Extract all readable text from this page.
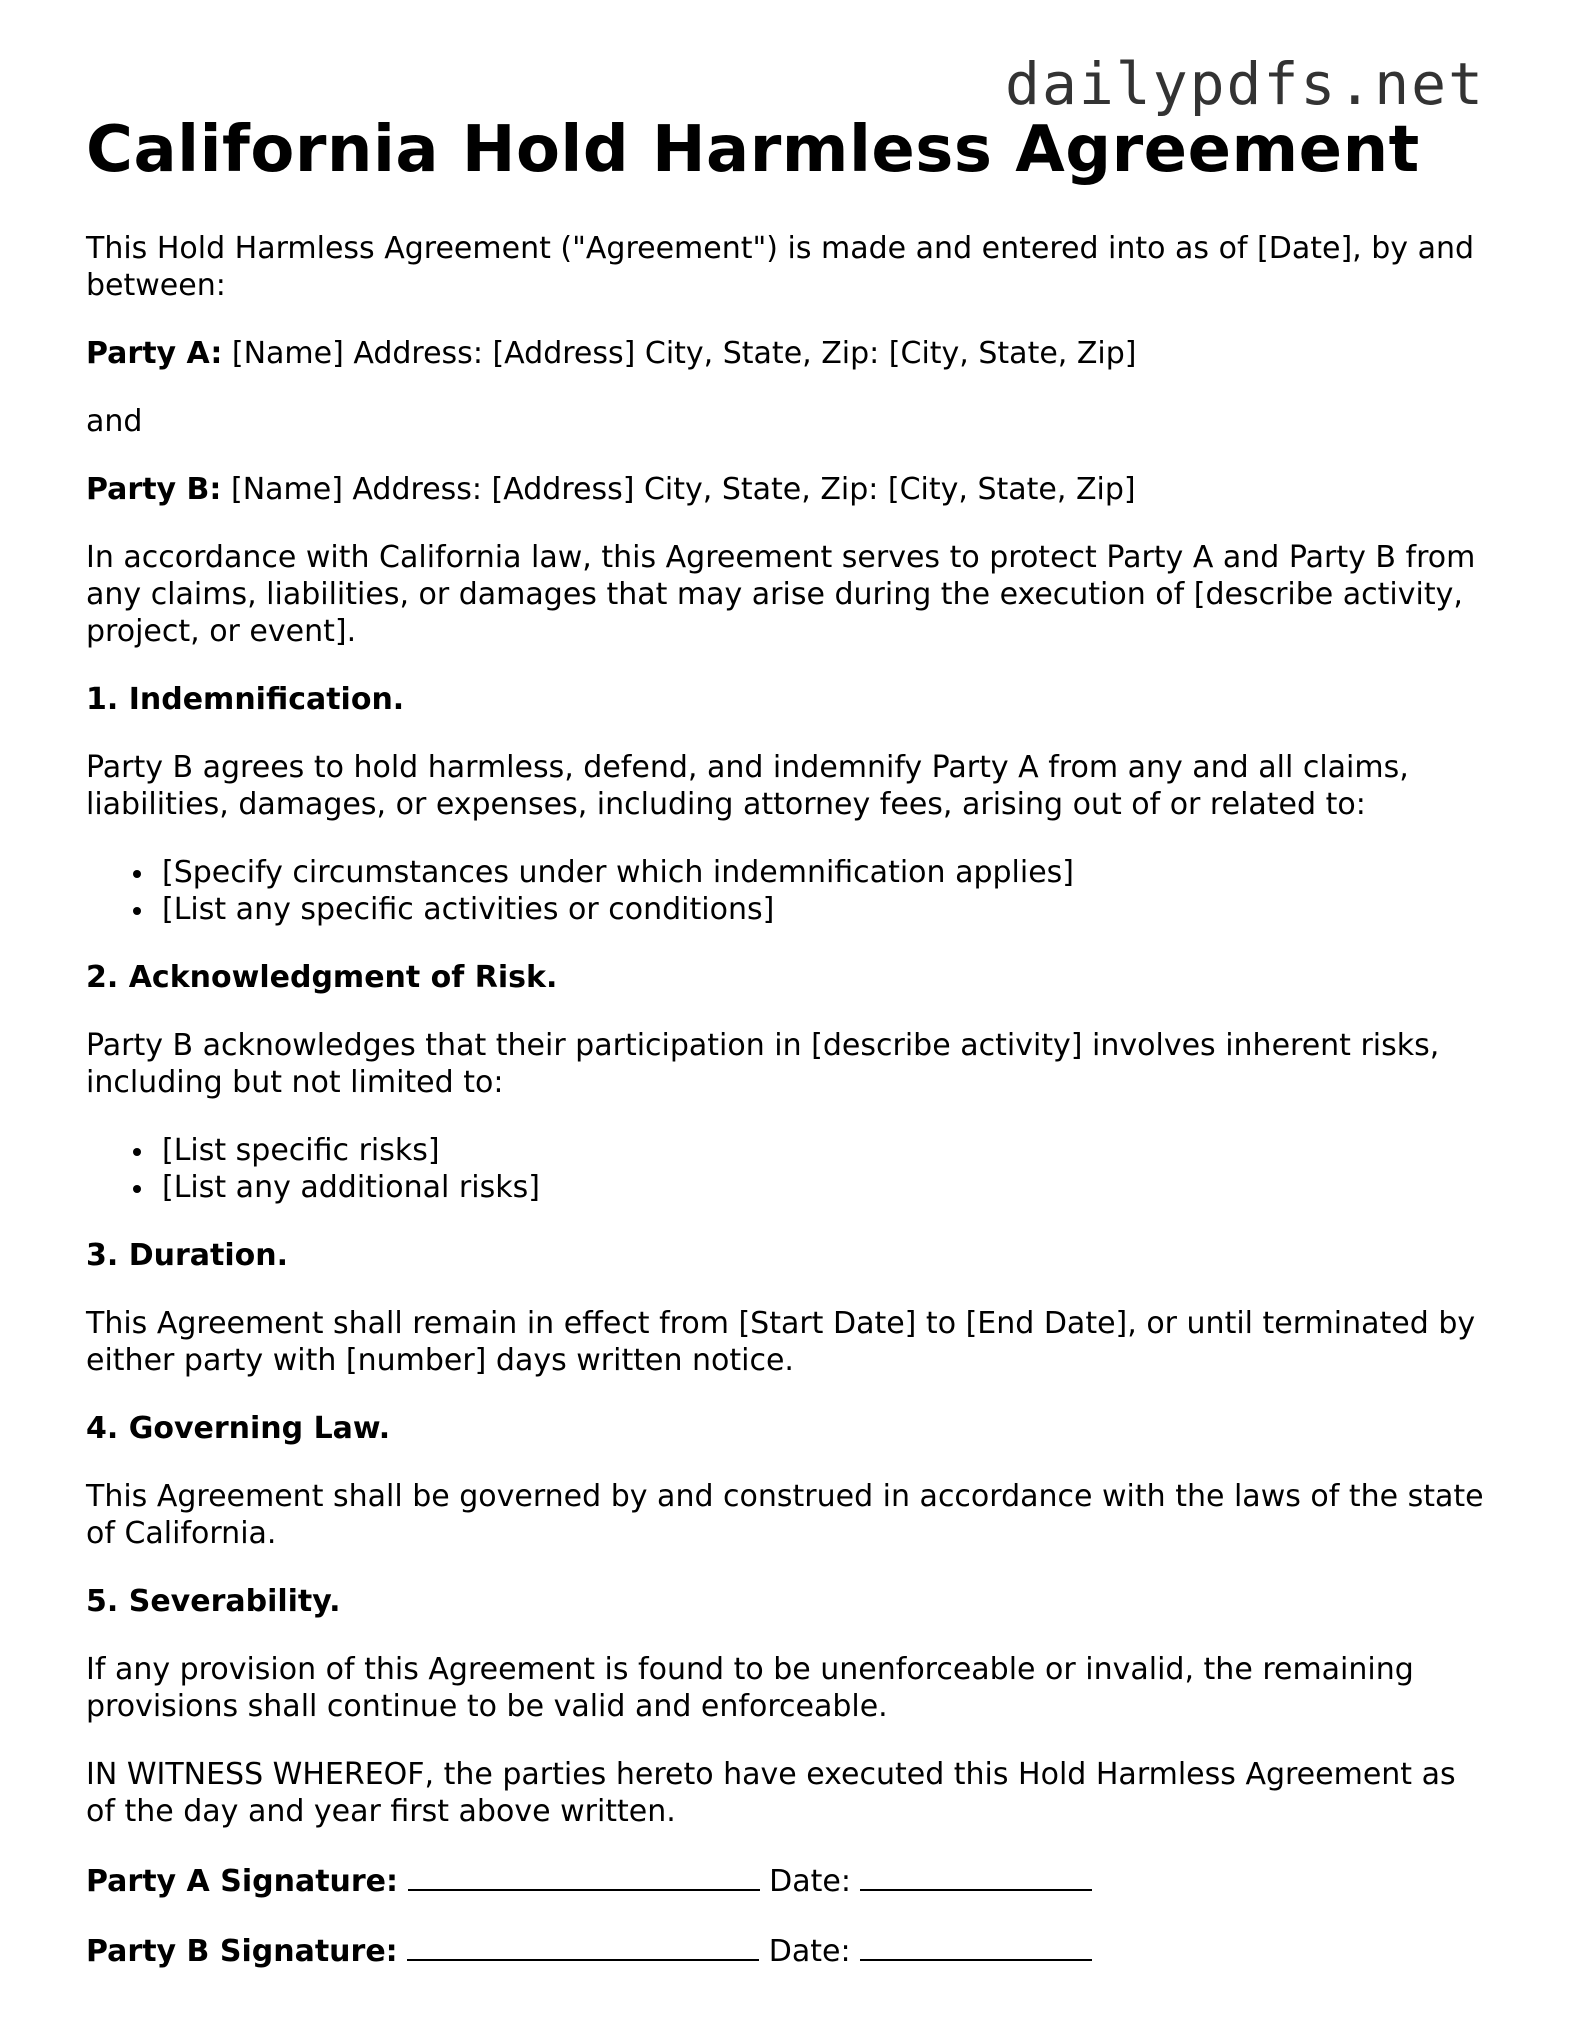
dailypdfs.net
California Hold Harmless Agreement

This Hold Harmless Agreement ("Agreement") is made and entered into as of [Date], by and between:

Party A: [Name] Address: [Address] City, State, Zip: [City, State, Zip]

and

Party B: [Name] Address: [Address] City, State, Zip: [City, State, Zip]

In accordance with California law, this Agreement serves to protect Party A and Party B from any claims, liabilities, or damages that may arise during the execution of [describe activity, project, or event].

1. Indemnification.

Party B agrees to hold harmless, defend, and indemnify Party A from any and all claims, liabilities, damages, or expenses, including attorney fees, arising out of or related to:

[Specify circumstances under which indemnification applies]
[List any specific activities or conditions]
2. Acknowledgment of Risk.

Party B acknowledges that their participation in [describe activity] involves inherent risks, including but not limited to:

[List specific risks]
[List any additional risks]
3. Duration.

This Agreement shall remain in effect from [Start Date] to [End Date], or until terminated by either party with [number] days written notice.

4. Governing Law.

This Agreement shall be governed by and construed in accordance with the laws of the state of California.

5. Severability.

If any provision of this Agreement is found to be unenforceable or invalid, the remaining provisions shall continue to be valid and enforceable.

IN WITNESS WHEREOF, the parties hereto have executed this Hold Harmless Agreement as of the day and year first above written.

Party A Signature:	Date:

Party B Signature:	Date:
